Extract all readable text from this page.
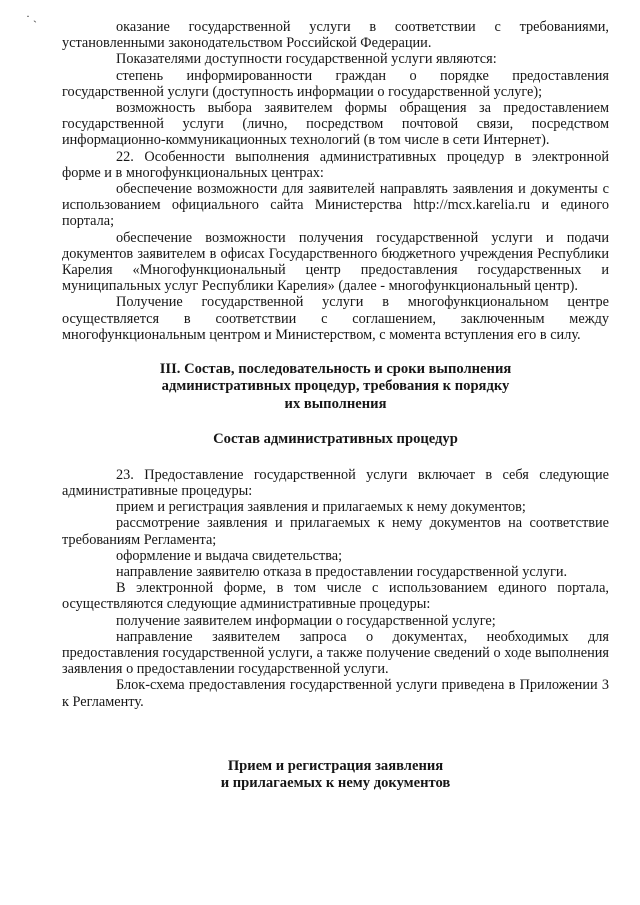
· ˎ

оказание государственной услуги в соответствии с требованиями, установленными законодательством Российской Федерации.

Показателями доступности государственной услуги являются:

степень информированности граждан о порядке предоставления государственной услуги (доступность информации о государственной услуге);

возможность выбора заявителем формы обращения за предоставлением государственной услуги (лично, посредством почтовой связи, посредством информационно-коммуникационных технологий (в том числе в сети Интернет).

22. Особенности выполнения административных процедур в электронной форме и в многофункциональных центрах:

обеспечение возможности для заявителей направлять заявления и документы с использованием официального сайта Министерства http://mcx.karelia.ru и единого портала;

обеспечение возможности получения государственной услуги и подачи документов заявителем в офисах Государственного бюджетного учреждения Республики Карелия «Многофункциональный центр предоставления государственных и муниципальных услуг Республики Карелия» (далее - многофункциональный центр).

Получение государственной услуги в многофункциональном центре осуществляется в соответствии с соглашением, заключенным между многофункциональным центром и Министерством, с момента вступления его в силу.

III. Состав, последовательность и сроки выполнения

административных процедур, требования к порядку

их выполнения

Состав административных процедур

23. Предоставление государственной услуги включает в себя следующие административные процедуры:

прием и регистрация заявления и прилагаемых к нему документов;

рассмотрение заявления и прилагаемых к нему документов на соответствие требованиям Регламента;

оформление и выдача свидетельства;

направление заявителю отказа в предоставлении государственной услуги.

В электронной форме, в том числе с использованием единого портала, осуществляются следующие административные процедуры:

получение заявителем информации о государственной услуге;

направление заявителем запроса о документах, необходимых для предоставления государственной услуги, а также получение сведений о ходе выполнения заявления о предоставлении государственной услуги.

Блок-схема предоставления государственной услуги приведена в Приложении 3 к Регламенту.

Прием и регистрация заявления

и прилагаемых к нему документов
